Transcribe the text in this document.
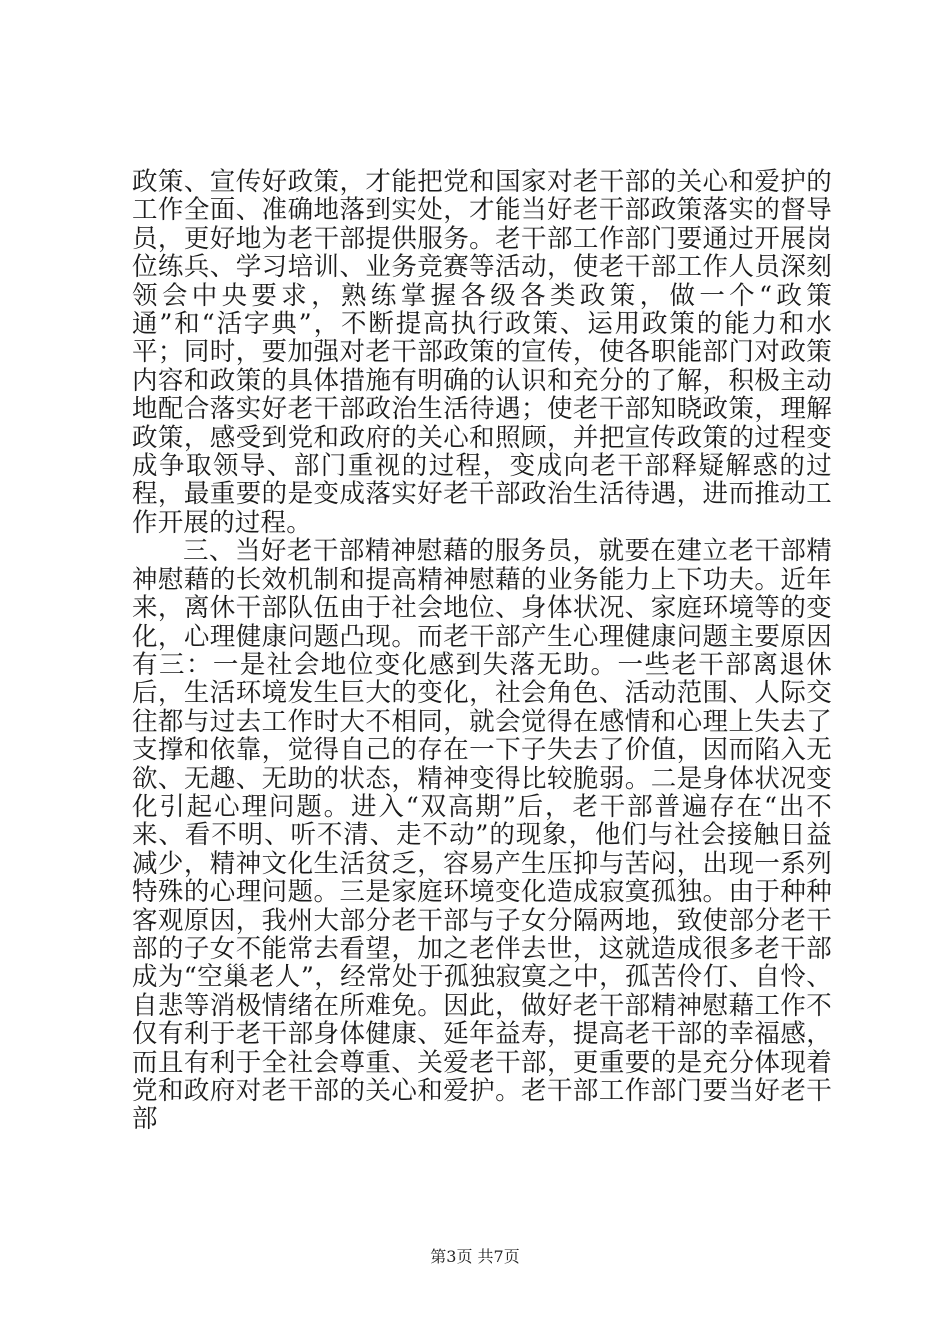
政策、宣传好政策，才能把党和国家对老干部的关心和爱护的工作全面、准确地落到实处，才能当好老干部政策落实的督导员，更好地为老干部提供服务。老干部工作部门要通过开展岗位练兵、学习培训、业务竞赛等活动，使老干部工作人员深刻领会中央要求，熟练掌握各级各类政策，做一个“政策通”和“活字典”，不断提高执行政策、运用政策的能力和水平；同时，要加强对老干部政策的宣传，使各职能部门对政策内容和政策的具体措施有明确的认识和充分的了解，积极主动地配合落实好老干部政治生活待遇；使老干部知晓政策，理解政策，感受到党和政府的关心和照顾，并把宣传政策的过程变成争取领导、部门重视的过程，变成向老干部释疑解惑的过程，最重要的是变成落实好老干部政治生活待遇，进而推动工作开展的过程。

三、当好老干部精神慰藉的服务员，就要在建立老干部精神慰藉的长效机制和提高精神慰藉的业务能力上下功夫。近年来，离休干部队伍由于社会地位、身体状况、家庭环境等的变化，心理健康问题凸现。而老干部产生心理健康问题主要原因有三：一是社会地位变化感到失落无助。一些老干部离退休后，生活环境发生巨大的变化，社会角色、活动范围、人际交往都与过去工作时大不相同，就会觉得在感情和心理上失去了支撑和依靠，觉得自己的存在一下子失去了价值，因而陷入无欲、无趣、无助的状态，精神变得比较脆弱。二是身体状况变化引起心理问题。进入“双高期”后，老干部普遍存在“出不来、看不明、听不清、走不动”的现象，他们与社会接触日益减少，精神文化生活贫乏，容易产生压抑与苦闷，出现一系列特殊的心理问题。三是家庭环境变化造成寂寞孤独。由于种种客观原因，我州大部分老干部与子女分隔两地，致使部分老干部的子女不能常去看望，加之老伴去世，这就造成很多老干部成为“空巢老人”，经常处于孤独寂寞之中，孤苦伶仃、自怜、自悲等消极情绪在所难免。因此，做好老干部精神慰藉工作不仅有利于老干部身体健康、延年益寿，提高老干部的幸福感，而且有利于全社会尊重、关爱老干部，更重要的是充分体现着党和政府对老干部的关心和爱护。老干部工作部门要当好老干部

第3页 共7页
